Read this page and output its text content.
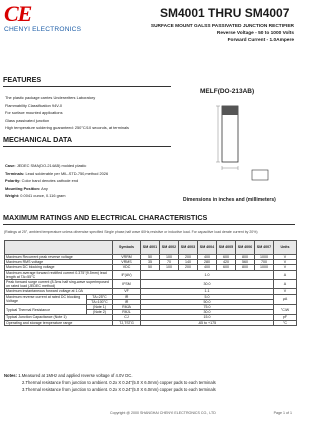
CE
CHENYI ELECTRONICS
SM4001 THRU SM4007
SURFACE MOUNT GALSS PASSIVATED JUNCTION RECTIFIER
Reverse Voltage - 50 to 1000 Volts
Forward Current - 1.0Ampere
FEATURES
The plastic package carries Underwriters Laboratory
Flammability Classification 94V-0
For surface mounted applications
Glass passivated junction
High temperature soldering guaranteed: 250°C/10 seconds, at terminals
MECHANICAL DATA
Case: JEDEC SMA(DO-214AB) molded plastic
Terminals: Lead solderable per MIL-STD-750,method 2026
Polarity: Color band denotes cathode end
Mounting Position: Any
Weight: 0.0041 ounce, 0.116 gram
MELF(DO-213AB)
Dimensions in inches and (millimeters)
MAXIMUM RATINGS AND ELECTRICAL CHARACTERISTICS
(Ratings at 25°, ambient temperature unless otherwise specified Single phase,half wave 60Hz,resistive or inductive load. For capacitive load derate current by 20%)
		Symbols	SM 4001	SM 4002	SM 4003	SM 4004	SM 4005	SM 4006	SM 4007	Units
Maximum Recurrent peak reverse voltage		VRRM	50	100	200	400	600	800	1000	V
Maximum RMS voltage		VRMS	35	70	140	280	420	560	700	V
Maximum DC blocking voltage		VDC	50	100	200	400	600	800	1000	V
Maximum average forward rectified current 0.375"(9.5mm) lead length at TA=55°C		IF(AV)	1.0							A
Peak forward surge current (8.3ms half sing-wave superimposed on rated load (JEDEC method)		IFSM	30.0							A
Maximum instantaneous forward voltage at 1.0A		VF	1.1							V
Maximum reverse current at rated DC blocking Voltage	TA=25°C	IR	5.0							μA
	TA=100°C	IR	50.0							
Typical Thermal Resistance	(Note 1)	RθJA	75.0							°C/W
	(Note 2)	RθJL	30.0							
Typical Junction Capacitance (Note 1)		CJ	15.0							pF
Operating and storage temperature range		TJ,TSTG	-65 to +175							°C
Notes: 1.Measured at 1MHz and applied reverse voltage of 4.0V DC.
2.Thermal resistance from junction to ambient. 0.2x X 0.24"(5.0 X 6.0mm) copper pads to each terminals
3.Thermal resistance from junction to ambient. 0.2x X 0.24"(5.0 X 6.0mm) copper pads to each terminals
Copyright @ 2000 SHANGHAI CHENYI ELECTRONICS CO., LTD	Page 1 of 1
